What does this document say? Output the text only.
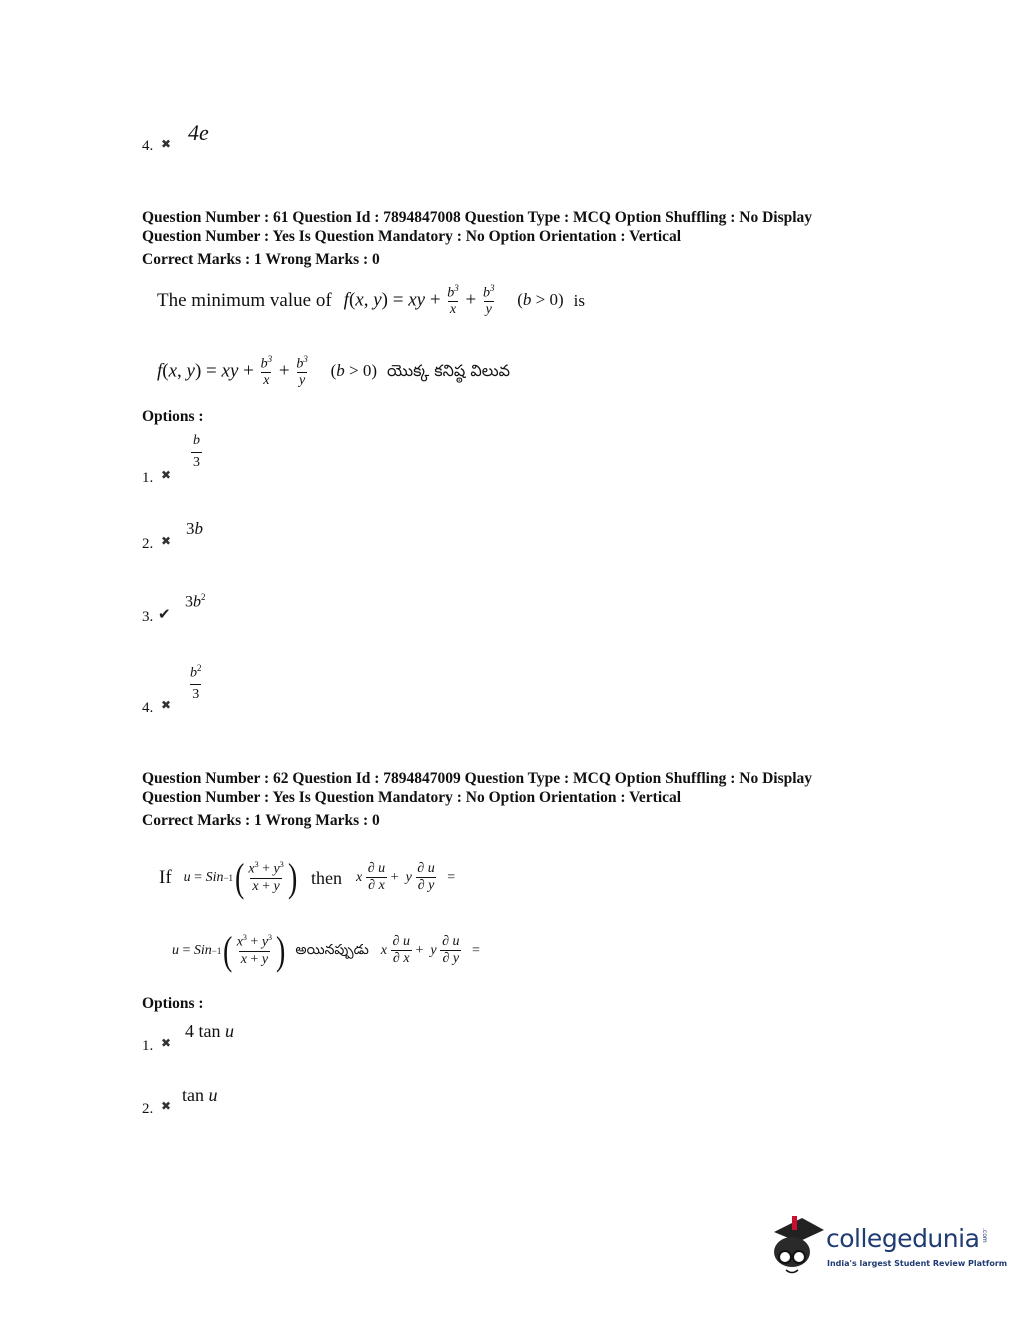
4. ✖ 4e
Question Number : 61 Question Id : 7894847008 Question Type : MCQ Option Shuffling : No Display
Question Number : Yes Is Question Mandatory : No Option Orientation : Vertical
Correct Marks : 1 Wrong Marks : 0
The minimum value of f(x, y) = xy + $\frac{b^3}{x} + \frac{b^3}{y} (b > 0)$ is
f(x, y) = xy + $\frac{b^3}{x} + \frac{b^3}{y} (b > 0)$ యొక్క కనిష్ఠ విలువ
Options :
1. ✖
$\frac{b}{3}$
2. ✖
3b
3. ✔
$3b^2$
4. ✖
$\frac{b^2}{3}$
Question Number : 62 Question Id : 7894847009 Question Type : MCQ Option Shuffling : No Display
Question Number : Yes Is Question Mandatory : No Option Orientation : Vertical
Correct Marks : 1 Wrong Marks : 0
If u = Sin −1 ( $\frac{x^3 + y^3}{x + y}$ ) then x
$\frac{\partial u}{\partial x} + y$
$\frac{\partial u}{\partial y}$ =
u = Sin −1 ( $\frac{x^3 + y^3}{x + y}$ ) అయినప్పుడు x
$\frac{\partial u}{\partial x} + y$
$\frac{\partial u}{\partial y}$ =
Options :
1. ✖
4 tan u
2. ✖
tan u
collegedunia .com
India's largest Student Review Platform
